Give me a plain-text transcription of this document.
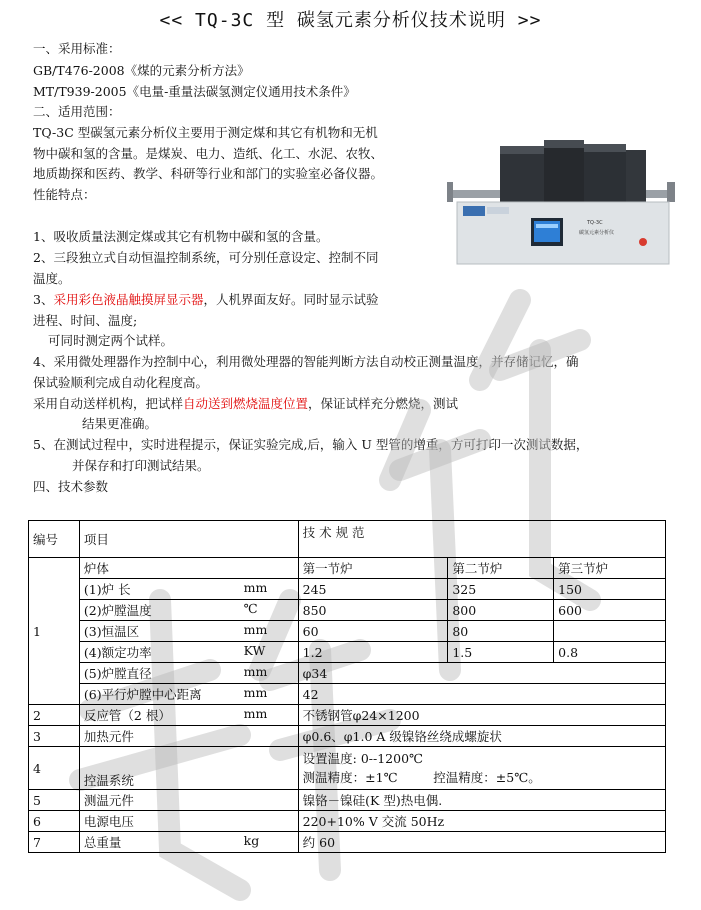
<< TQ-3C 型 碳氢元素分析仪技术说明 >>
一、采用标准：
GB/T476-2008《煤的元素分析方法》
MT/T939-2005《电量-重量法碳氢测定仪通用技术条件》
二、适用范围：
TQ-3C 型碳氢元素分析仪主要用于测定煤和其它有机物和无机
物中碳和氢的含量。是煤炭、电力、造纸、化工、水泥、农牧、
地质勘探和医药、教学、科研等行业和部门的实验室必备仪器。
性能特点：
1、吸收质量法测定煤或其它有机物中碳和氢的含量。
2、三段独立式自动恒温控制系统，可分别任意设定、控制不同
温度。
3、采用彩色液晶触摸屏显示器，人机界面友好。同时显示试验
进程、时间、温度;
可同时测定两个试样。
4、采用微处理器作为控制中心，利用微处理器的智能判断方法自动校正测量温度，并存储记忆，确
保试验顺利完成自动化程度高。
采用自动送样机构，把试样自动送到燃烧温度位置，保证试样充分燃烧，测试
结果更准确。
5、在测试过程中，实时进程提示，保证实验完成,后，输入 U 型管的增重，方可打印一次测试数据，
并保存和打印测试结果。
四、技术参数
TQ-3C
碳氢元素分析仪
编号	项目	技 术 规 范		
1	炉体	第一节炉	第二节炉	第三节炉

	(1)炉 长 mm	245	325	150

	(2)炉膛温度 ℃	850	800	600

	(3)恒温区 mm	60	80	

	(4)额定功率 KW	1.2	1.5	0.8

	(5)炉膛直径 mm	φ34		

	(6)平行炉膛中心距离 mm	42		
2	反应管（2 根） mm	不锈钢管φ24×1200		
3	加热元件	φ0.6、φ1.0 A 级镍铬丝绕成螺旋状		
4	控温系统	设置温度: 0--1200℃
测温精度：±1℃         控温精度：±5℃。		

5	测温元件	镍铬－镍硅(K 型)热电偶.		
6	电源电压	220+10% V 交流 50Hz		
7	总重量 kg	约 60		
